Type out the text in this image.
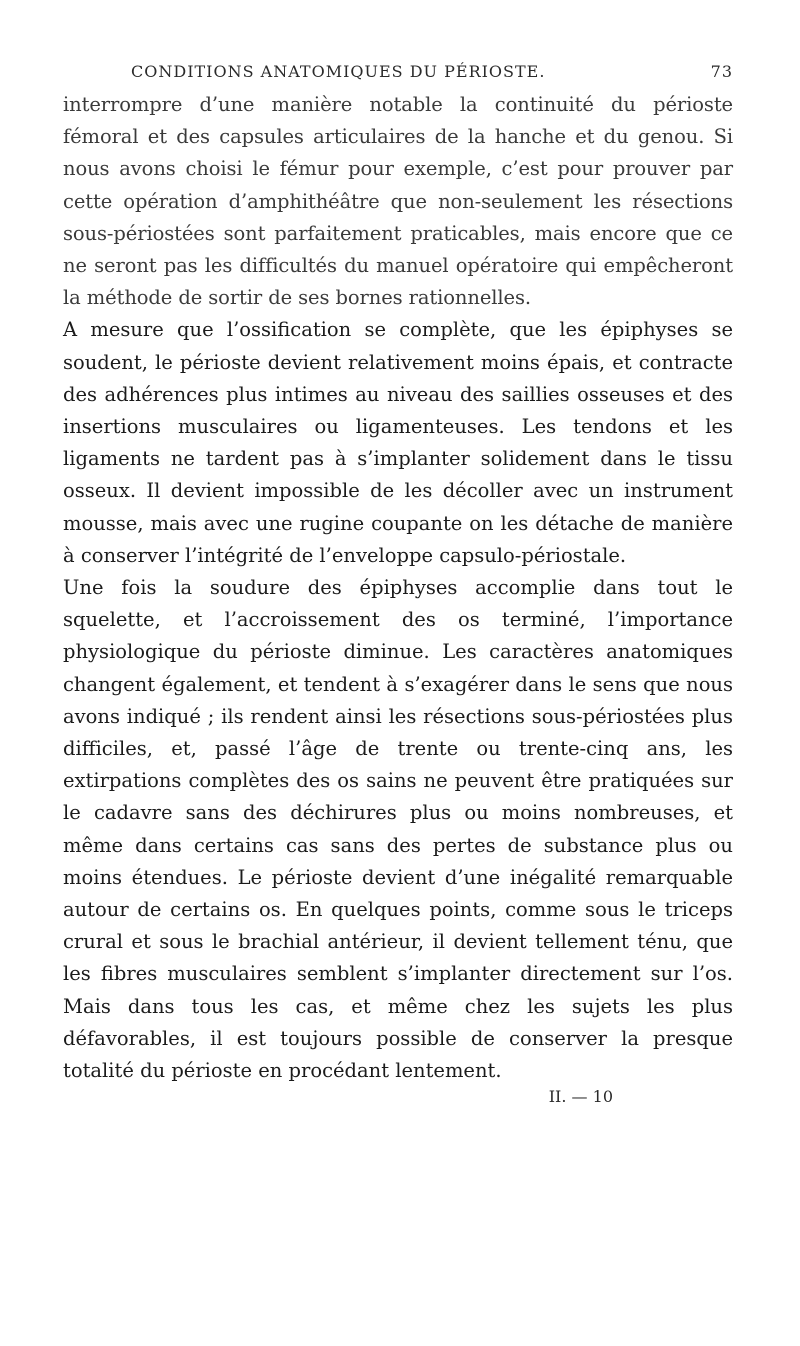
CONDITIONS ANATOMIQUES DU PÉRIOSTE.	73

interrompre d’une manière notable la continuité du périoste fémoral et des capsules articulaires de la hanche et du genou. Si nous avons choisi le fémur pour exemple, c’est pour prouver par cette opération d’amphithéâtre que non-seulement les résections sous-périostées sont parfaitement praticables, mais encore que ce ne seront pas les difficultés du manuel opératoire qui empêcheront la méthode de sortir de ses bornes rationnelles.

A mesure que l’ossification se complète, que les épiphyses se soudent, le périoste devient relativement moins épais, et contracte des adhérences plus intimes au niveau des saillies osseuses et des insertions musculaires ou ligamenteuses. Les tendons et les ligaments ne tardent pas à s’implanter solidement dans le tissu osseux. Il devient impossible de les décoller avec un instrument mousse, mais avec une rugine coupante on les détache de manière à conserver l’intégrité de l’enveloppe capsulo-périostale.

Une fois la soudure des épiphyses accomplie dans tout le squelette, et l’accroissement des os terminé, l’importance physiologique du périoste diminue. Les caractères anatomiques changent également, et tendent à s’exagérer dans le sens que nous avons indiqué ; ils rendent ainsi les résections sous-périostées plus difficiles, et, passé l’âge de trente ou trente-cinq ans, les extirpations complètes des os sains ne peuvent être pratiquées sur le cadavre sans des déchirures plus ou moins nombreuses, et même dans certains cas sans des pertes de substance plus ou moins étendues. Le périoste devient d’une inégalité remarquable autour de certains os. En quelques points, comme sous le triceps crural et sous le brachial antérieur, il devient tellement ténu, que les fibres musculaires semblent s’implanter directement sur l’os. Mais dans tous les cas, et même chez les sujets les plus défavorables, il est toujours possible de conserver la presque totalité du périoste en procédant lentement.

II. — 10
